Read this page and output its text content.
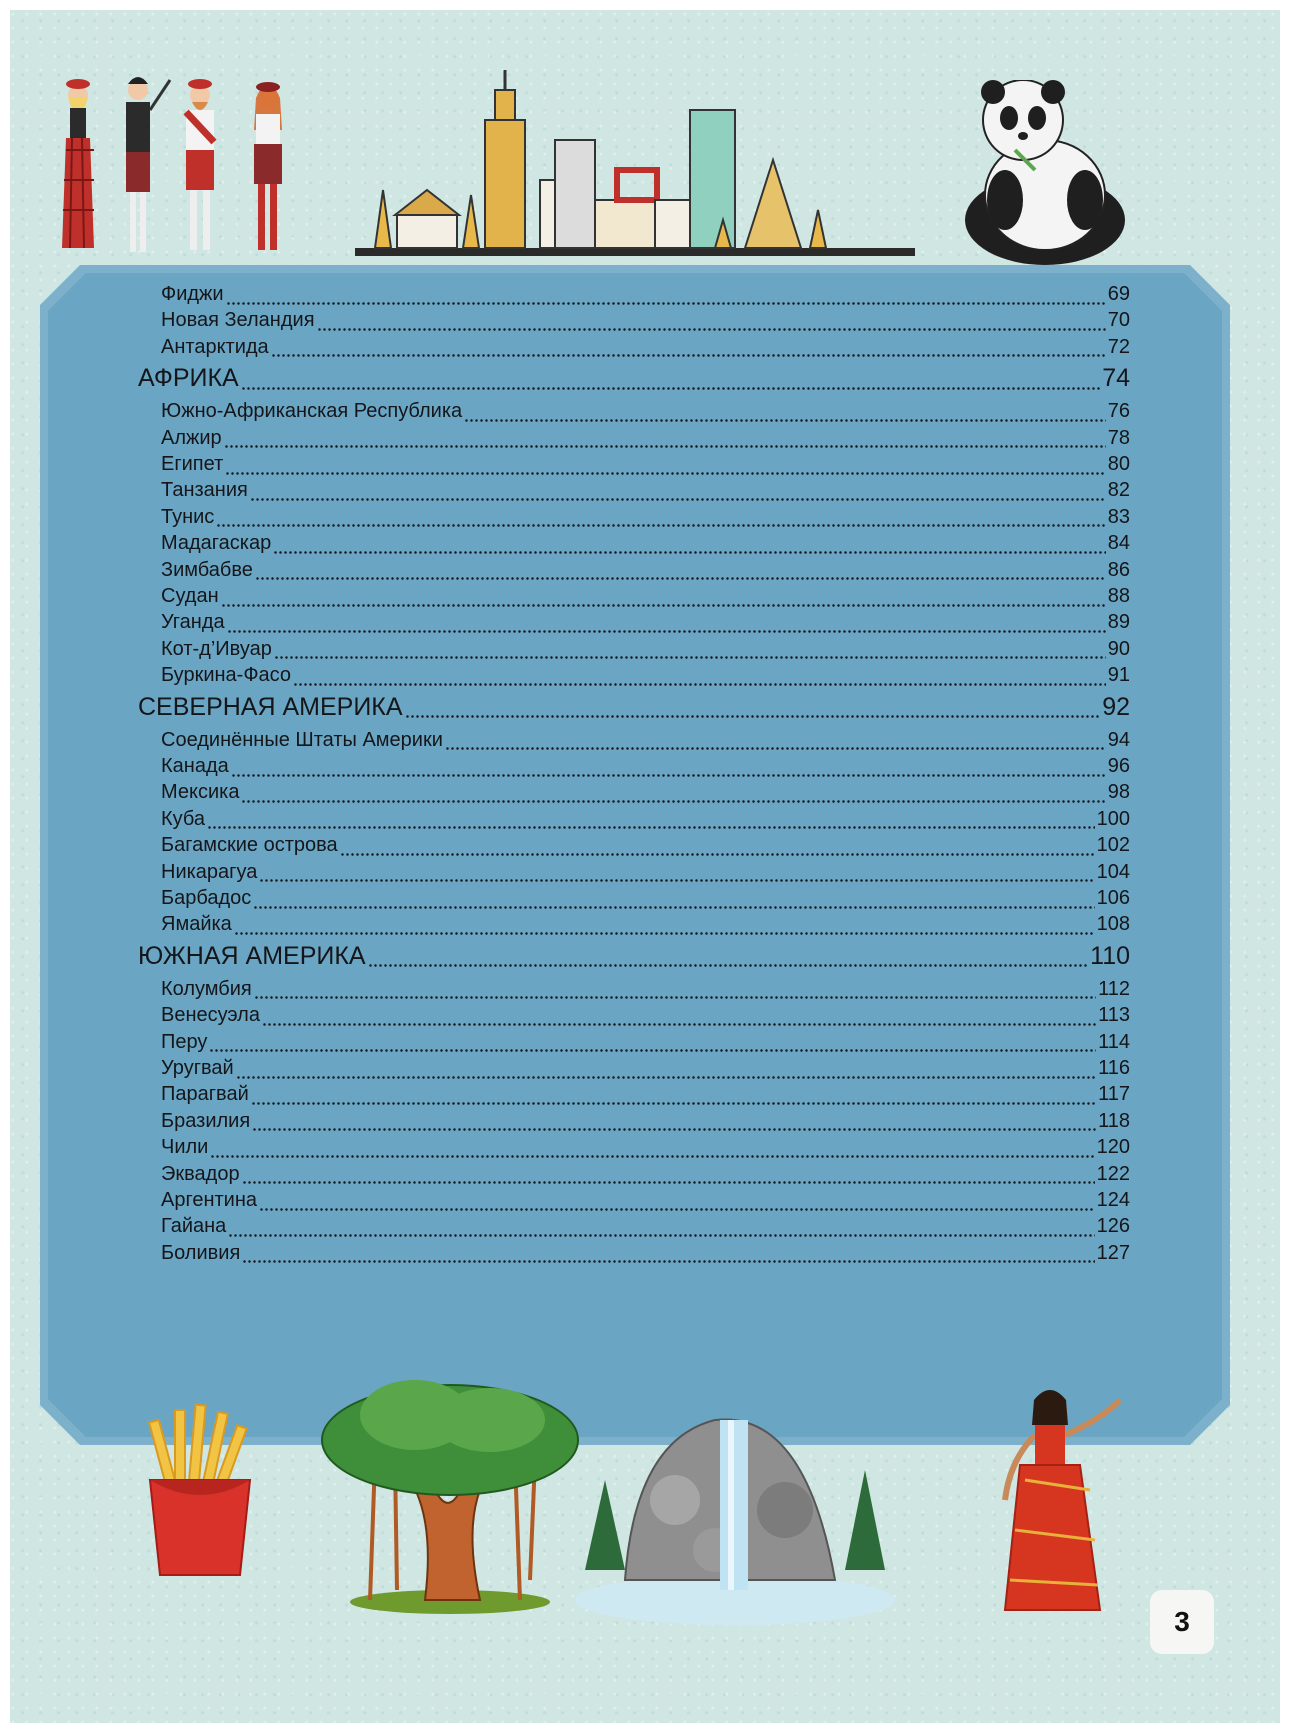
Фиджи	69
Новая Зеландия	70
Антарктида	72
АФРИКА	74
Южно-Африканская Республика	76
Алжир	78
Египет	80
Танзания	82
Тунис	83
Мадагаскар	84
Зимбабве	86
Судан	88
Уганда	89
Кот-д’Ивуар	90
Буркина-Фасо	91
СЕВЕРНАЯ АМЕРИКА	92
Соединённые Штаты Америки	94
Канада	96
Мексика	98
Куба	100
Багамские острова	102
Никарагуа	104
Барбадос	106
Ямайка	108
ЮЖНАЯ АМЕРИКА	110
Колумбия	112
Венесуэла	113
Перу	114
Уругвай	116
Парагвай	117
Бразилия	118
Чили	120
Эквадор	122
Аргентина	124
Гайана	126
Боливия	127
3
